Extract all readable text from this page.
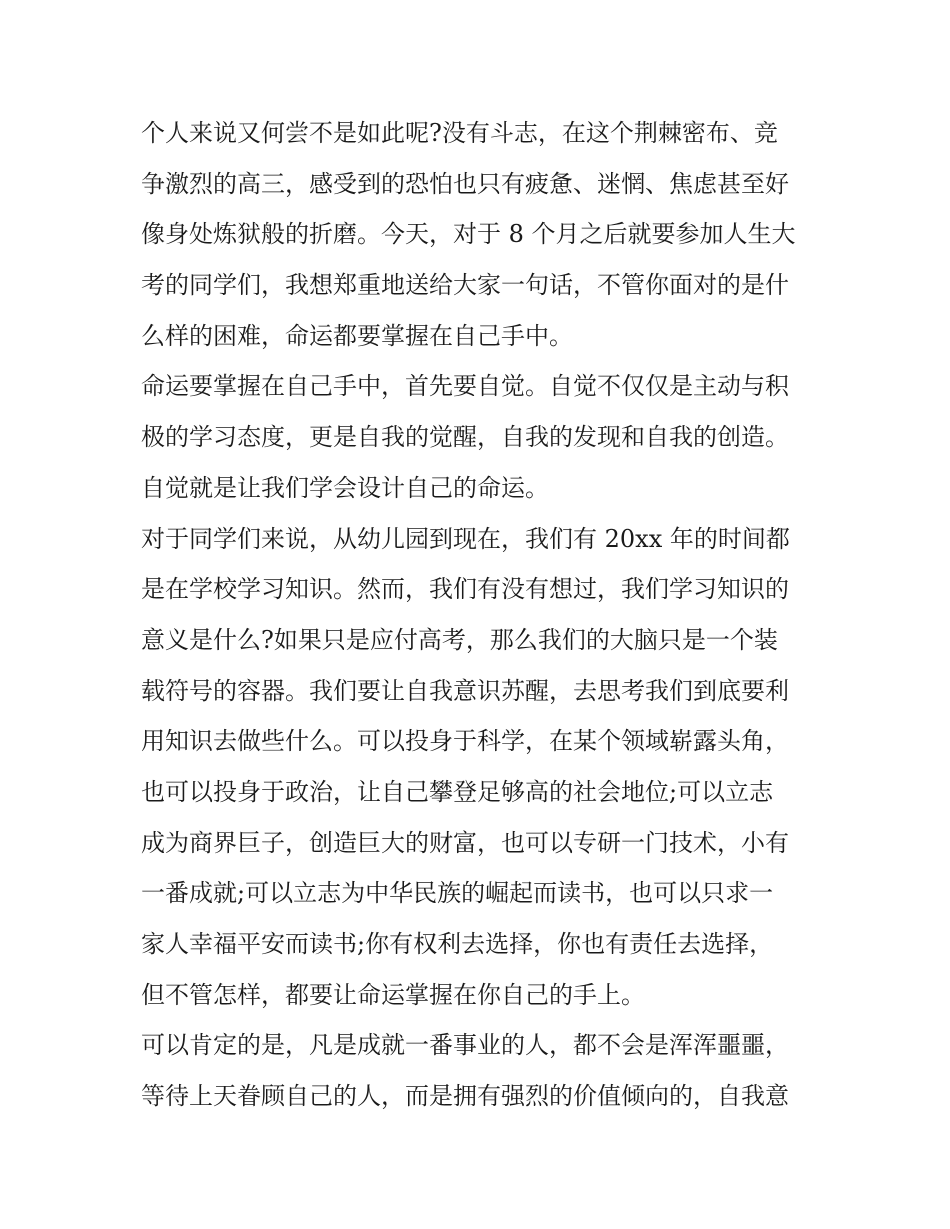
个人来说又何尝不是如此呢?没有斗志，在这个荆棘密布、竞
争激烈的高三，感受到的恐怕也只有疲惫、迷惘、焦虑甚至好
像身处炼狱般的折磨。今天，对于 8 个月之后就要参加人生大
考的同学们，我想郑重地送给大家一句话，不管你面对的是什
么样的困难，命运都要掌握在自己手中。
命运要掌握在自己手中，首先要自觉。自觉不仅仅是主动与积
极的学习态度，更是自我的觉醒，自我的发现和自我的创造。
自觉就是让我们学会设计自己的命运。
对于同学们来说，从幼儿园到现在，我们有 20xx 年的时间都
是在学校学习知识。然而，我们有没有想过，我们学习知识的
意义是什么?如果只是应付高考，那么我们的大脑只是一个装
载符号的容器。我们要让自我意识苏醒，去思考我们到底要利
用知识去做些什么。可以投身于科学，在某个领域崭露头角，
也可以投身于政治，让自己攀登足够高的社会地位;可以立志
成为商界巨子，创造巨大的财富，也可以专研一门技术，小有
一番成就;可以立志为中华民族的崛起而读书，也可以只求一
家人幸福平安而读书;你有权利去选择，你也有责任去选择，
但不管怎样，都要让命运掌握在你自己的手上。
可以肯定的是，凡是成就一番事业的人，都不会是浑浑噩噩，
等待上天眷顾自己的人，而是拥有强烈的价值倾向的，自我意
